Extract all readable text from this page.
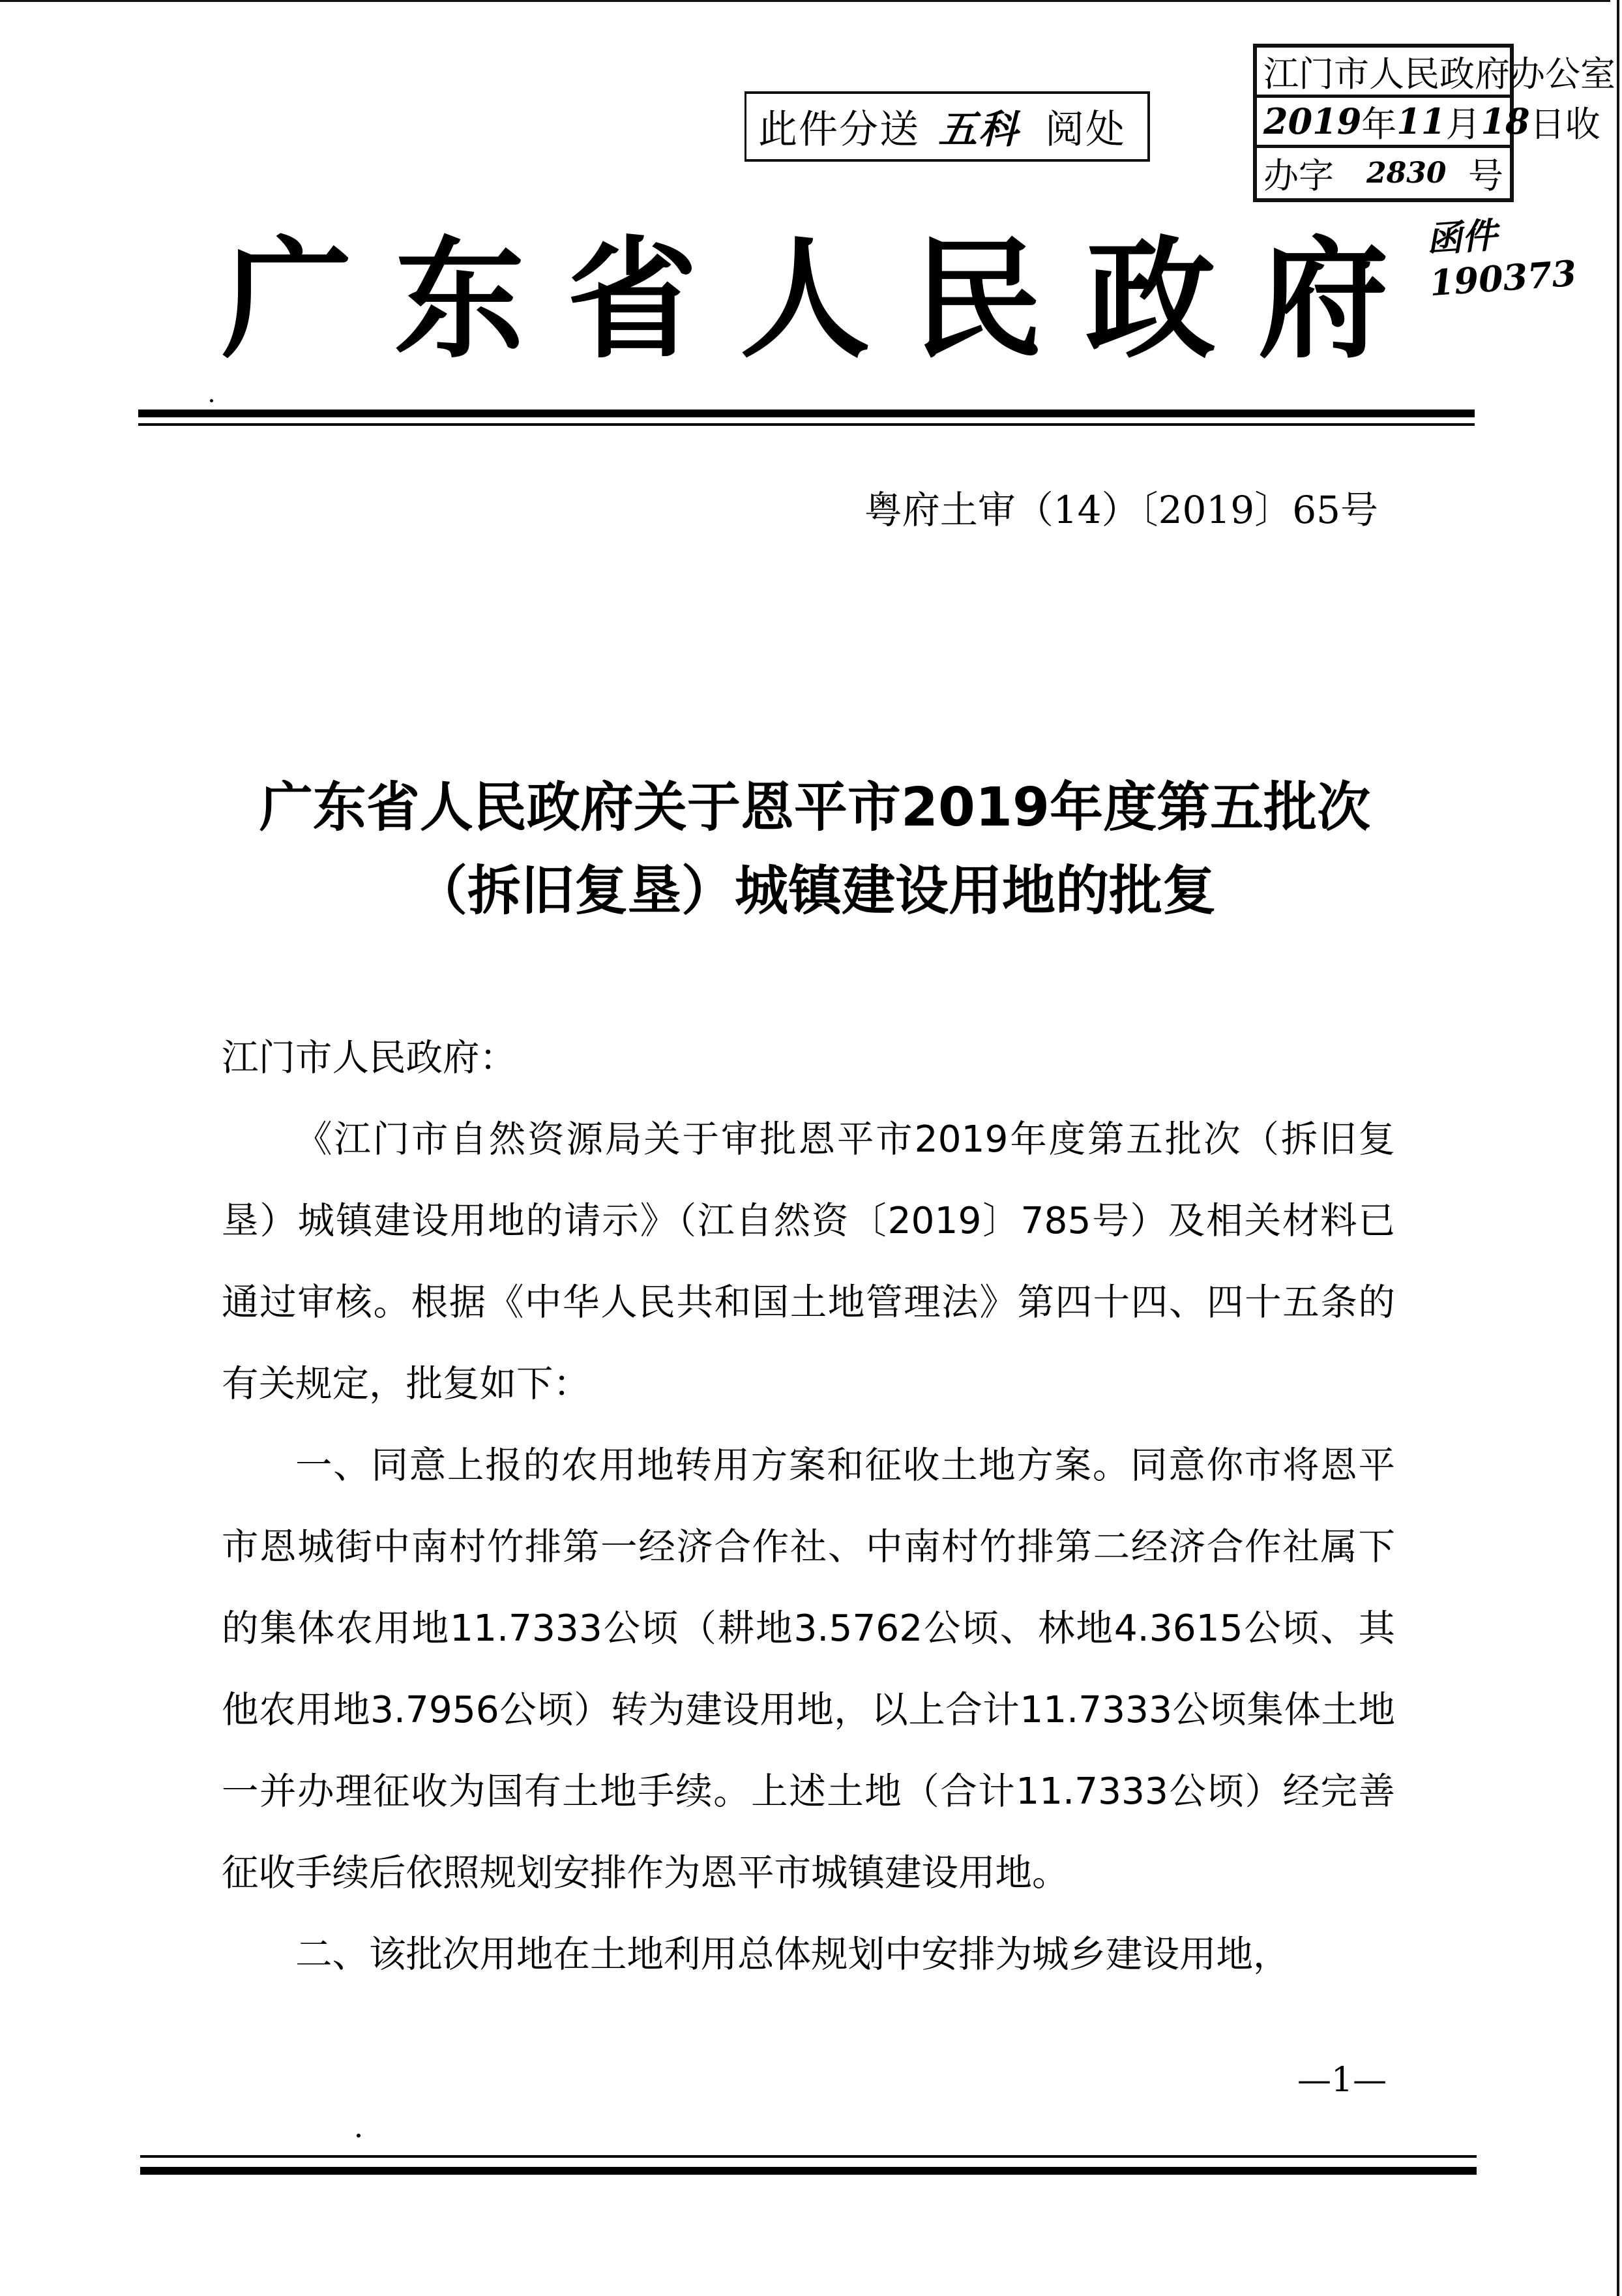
此件分送 五科 阅处
江门市人民政府办公室
2019 年 11 月 18 日收
办字 2830 号
函件190373
广 东 省 人 民 政 府
粤府土审（14）〔2019〕65号
广东省人民政府关于恩平市2019年度第五批次
（拆旧复垦）城镇建设用地的批复

江门市人民政府：

《江门市自然资源局关于审批恩平市2019年度第五批次（拆旧复垦）城镇建设用地的请示》（江自然资〔2019〕785号）及相关材料已通过审核。根据《中华人民共和国土地管理法》第四十四、四十五条的有关规定，批复如下：

一、同意上报的农用地转用方案和征收土地方案。同意你市将恩平市恩城街中南村竹排第一经济合作社、中南村竹排第二经济合作社属下的集体农用地11.7333公顷（耕地3.5762公顷、林地4.3615公顷、其他农用地3.7956公顷）转为建设用地，以上合计11.7333公顷集体土地一并办理征收为国有土地手续。上述土地（合计11.7333公顷）经完善征收手续后依照规划安排作为恩平市城镇建设用地。

二、该批次用地在土地利用总体规划中安排为城乡建设用地，

—1—
